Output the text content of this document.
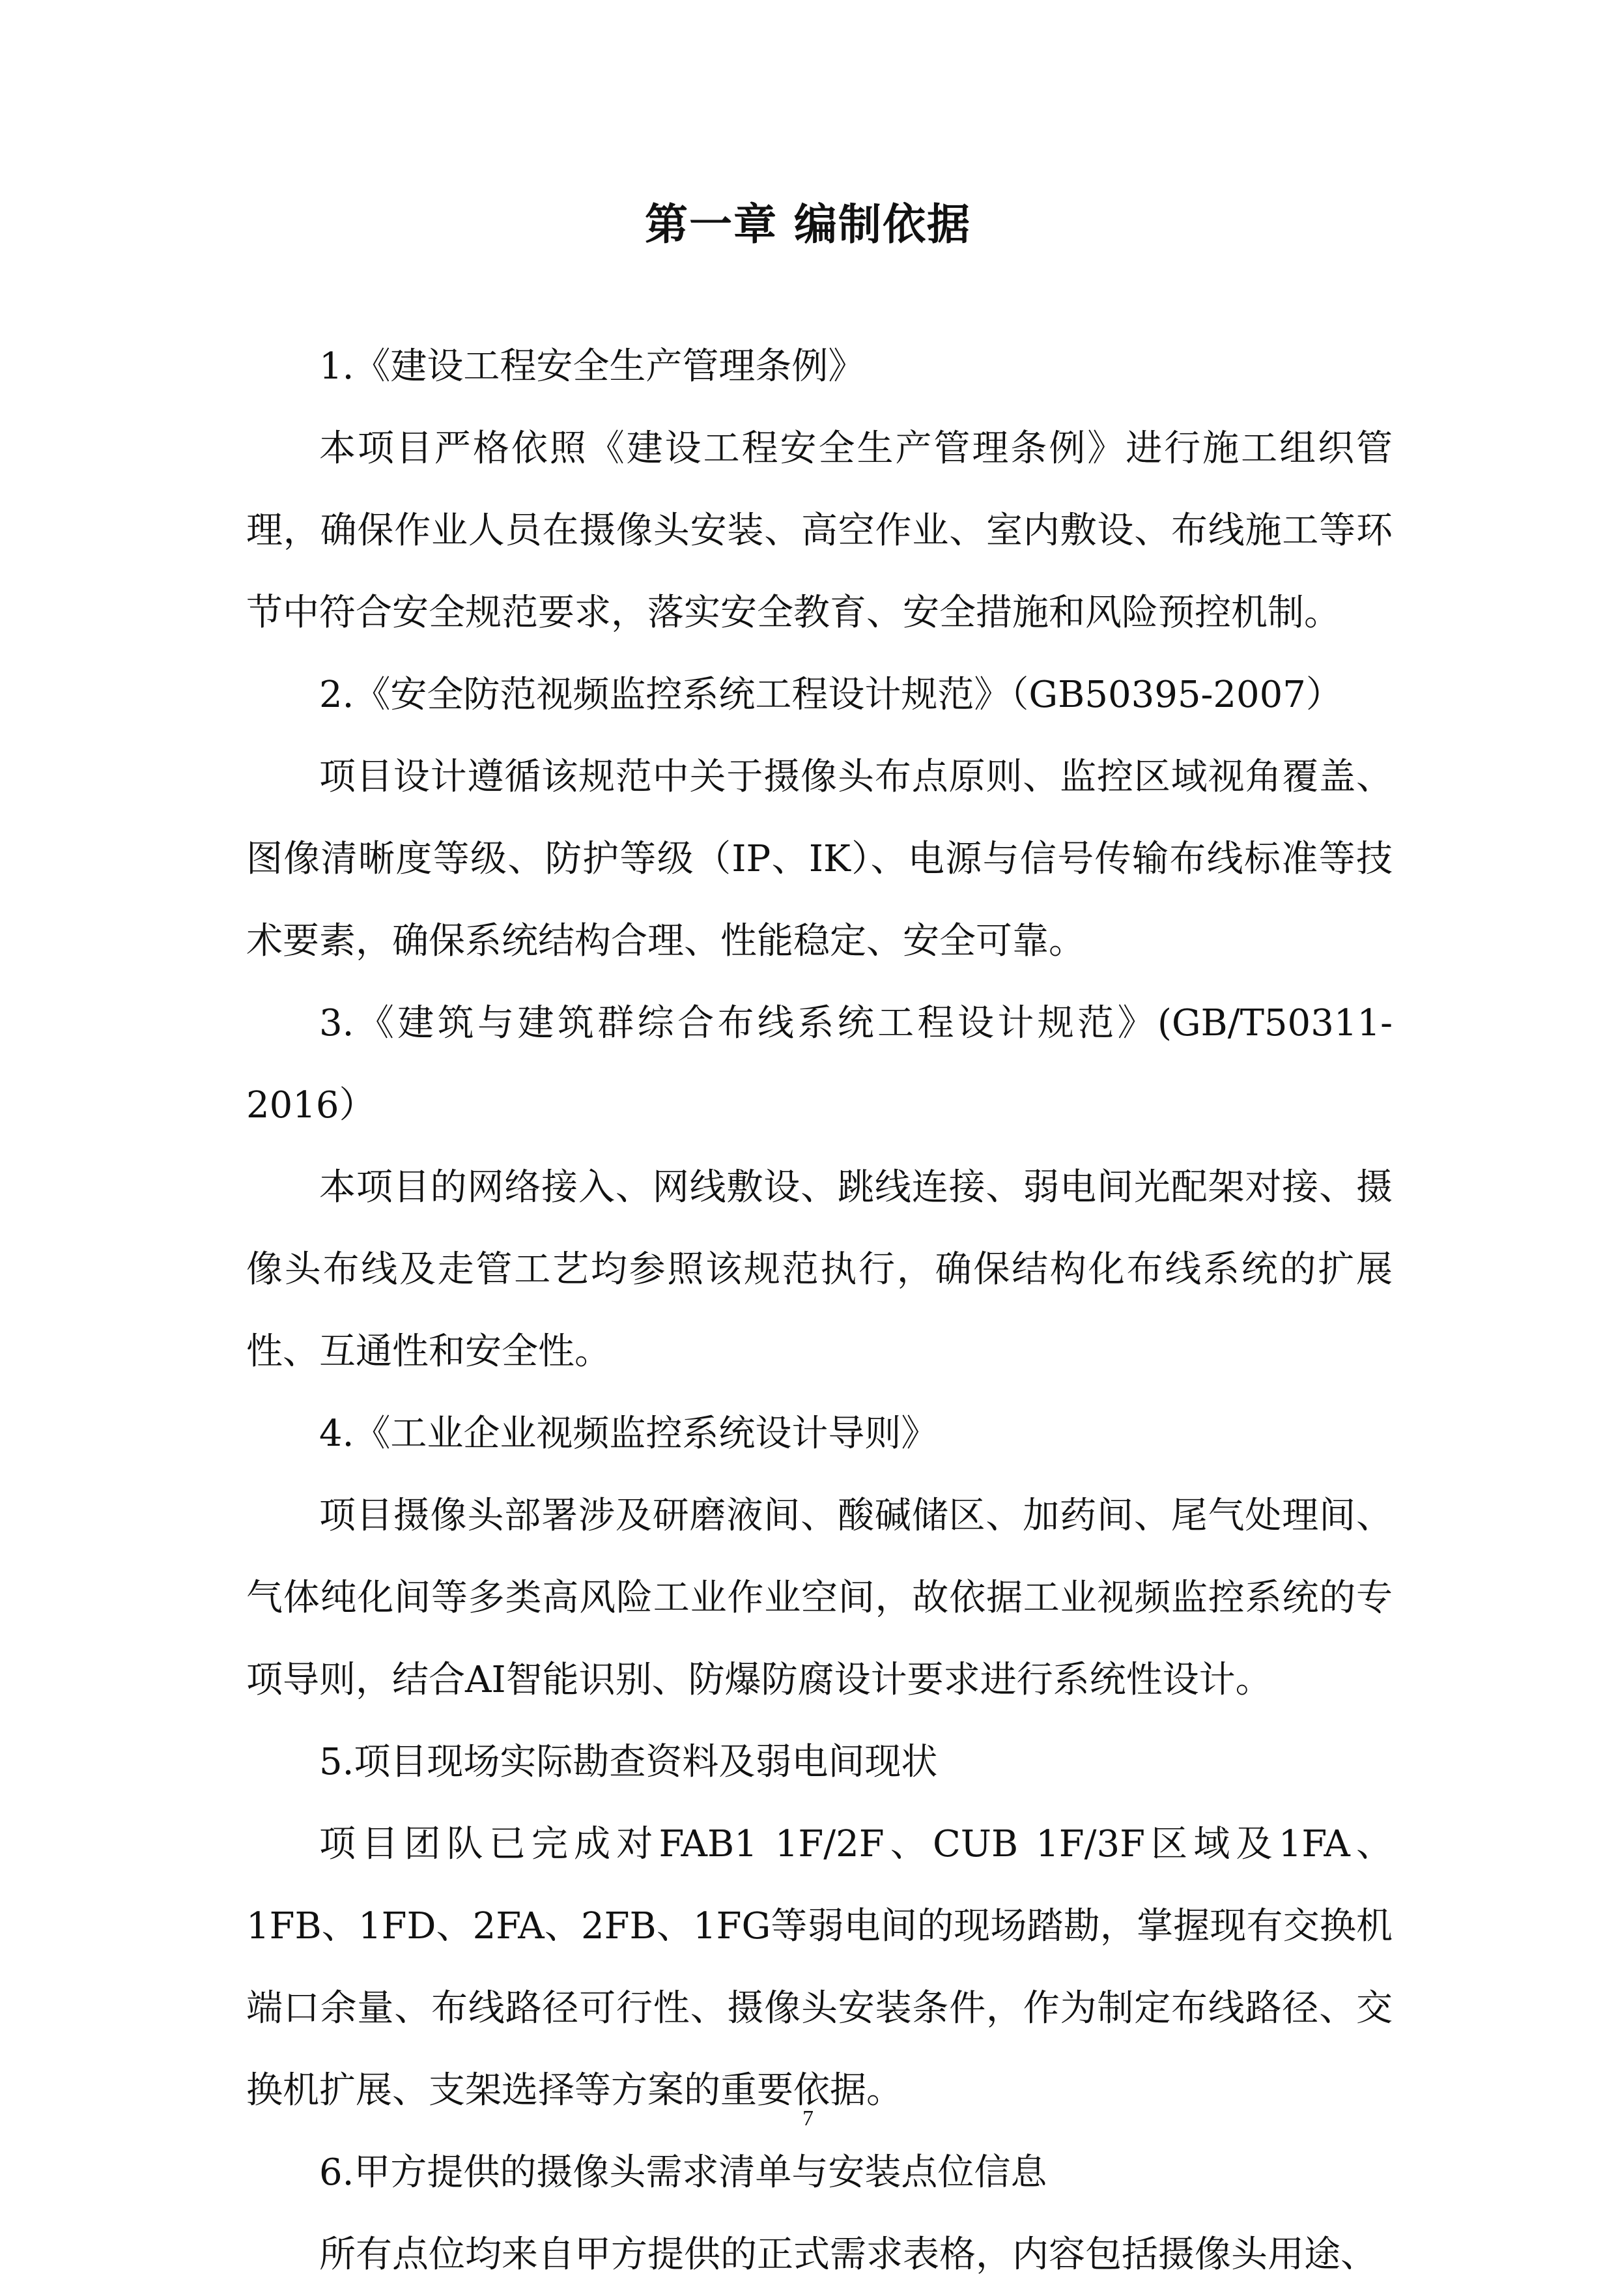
第一章 编制依据

1.《建设工程安全生产管理条例》

本项目严格依照《建设工程安全生产管理条例》进行施工组织管理，确保作业人员在摄像头安装、高空作业、室内敷设、布线施工等环节中符合安全规范要求，落实安全教育、安全措施和风险预控机制。

2.《安全防范视频监控系统工程设计规范》（GB50395-2007）

项目设计遵循该规范中关于摄像头布点原则、监控区域视角覆盖、图像清晰度等级、防护等级（IP、IK）、电源与信号传输布线标准等技术要素，确保系统结构合理、性能稳定、安全可靠。

3.《建筑与建筑群综合布线系统工程设计规范》(GB/T50311-2016）

本项目的网络接入、网线敷设、跳线连接、弱电间光配架对接、摄像头布线及走管工艺均参照该规范执行，确保结构化布线系统的扩展性、互通性和安全性。

4.《工业企业视频监控系统设计导则》

项目摄像头部署涉及研磨液间、酸碱储区、加药间、尾气处理间、气体纯化间等多类高风险工业作业空间，故依据工业视频监控系统的专项导则，结合AI智能识别、防爆防腐设计要求进行系统性设计。

5.项目现场实际勘查资料及弱电间现状

项目团队已完成对FAB1 1F/2F、CUB 1F/3F区域及1FA、1FB、1FD、2FA、2FB、1FG等弱电间的现场踏勘，掌握现有交换机端口余量、布线路径可行性、摄像头安装条件，作为制定布线路径、交换机扩展、支架选择等方案的重要依据。

6.甲方提供的摄像头需求清单与安装点位信息

所有点位均来自甲方提供的正式需求表格，内容包括摄像头用途、

7
